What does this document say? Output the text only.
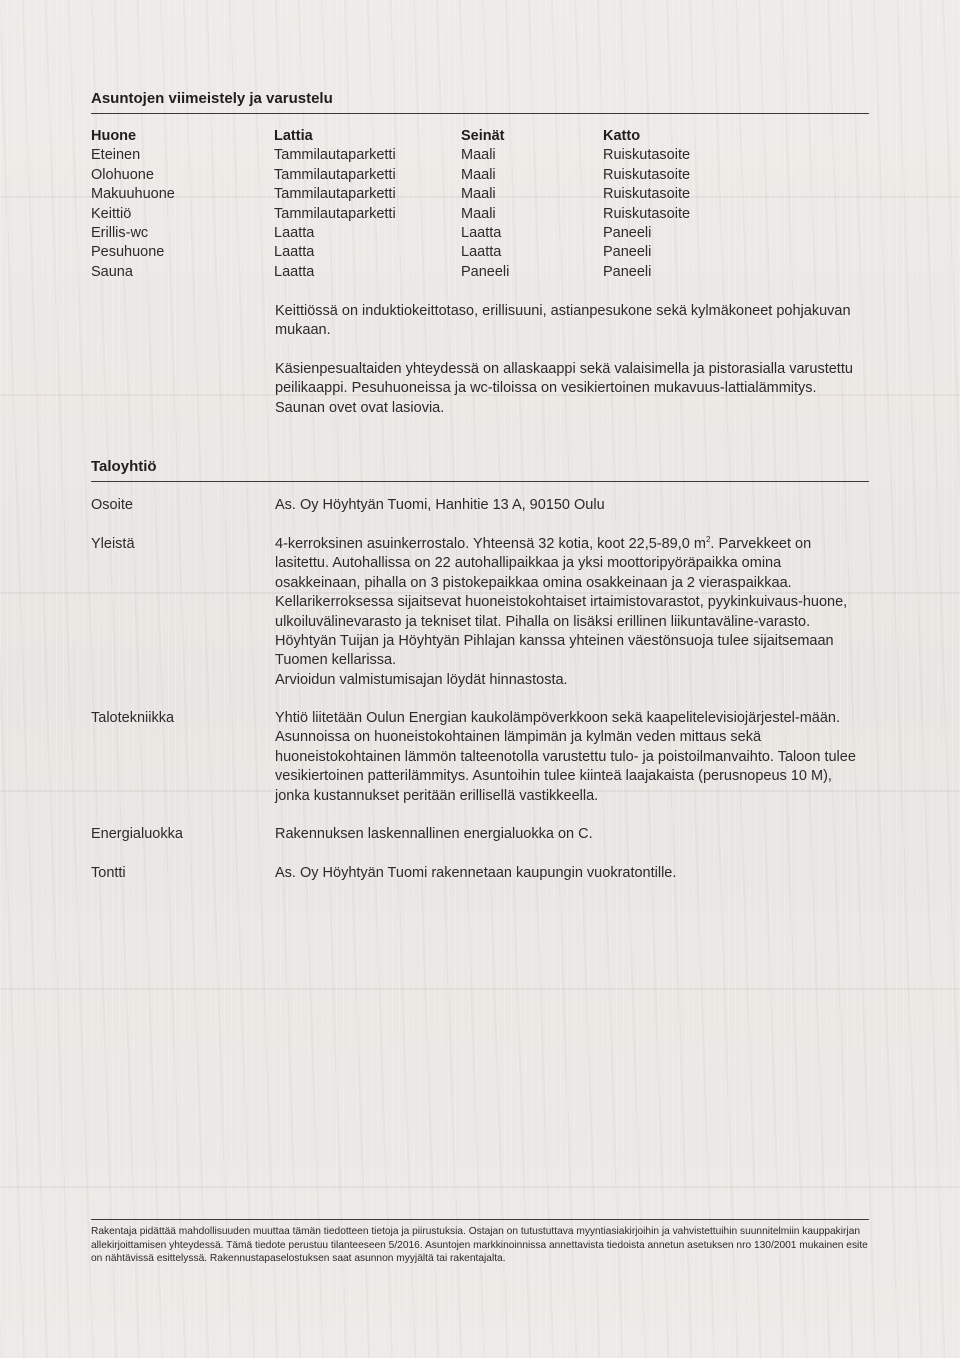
Asuntojen viimeistely ja varustelu
Huone	Lattia	Seinät	Katto
Eteinen	Tammilautaparketti	Maali	Ruiskutasoite
Olohuone	Tammilautaparketti	Maali	Ruiskutasoite
Makuuhuone	Tammilautaparketti	Maali	Ruiskutasoite
Keittiö	Tammilautaparketti	Maali	Ruiskutasoite
Erillis-wc	Laatta	Laatta	Paneeli
Pesuhuone	Laatta	Laatta	Paneeli
Sauna	Laatta	Paneeli	Paneeli

Keittiössä on induktiokeittotaso, erillisuuni, astianpesukone sekä kylmäkoneet pohjakuvan mukaan.

Käsienpesualtaiden yhteydessä on allaskaappi sekä valaisimella ja pistorasialla varustettu peilikaappi. Pesuhuoneissa ja wc-tiloissa on vesikiertoinen mukavuus-lattialämmitys. Saunan ovet ovat lasiovia.

Taloyhtiö
Osoite	As. Oy Höyhtyän Tuomi, Hanhitie 13 A, 90150 Oulu
Yleistä	4-kerroksinen asuinkerrostalo. Yhteensä 32 kotia, koot 22,5-89,0 $m^2$. Parvekkeet on lasitettu. Autohallissa on 22 autohallipaikkaa ja yksi moottoripyöräpaikka omina osakkeinaan, pihalla on 3 pistokepaikkaa omina osakkeinaan ja 2 vieraspaikkaa. Kellarikerroksessa sijaitsevat huoneistokohtaiset irtaimistovarastot, pyykinkuivaus-huone, ulkoiluvälinevarasto ja tekniset tilat. Pihalla on lisäksi erillinen liikuntaväline-varasto. Höyhtyän Tuijan ja Höyhtyän Pihlajan kanssa yhteinen väestönsuoja tulee sijaitsemaan Tuomen kellarissa.

Arvioidun valmistumisajan löydät hinnastosta.

Talotekniikka	Yhtiö liitetään Oulun Energian kaukolämpöverkkoon sekä kaapelitelevisiojärjestel-mään. Asunnoissa on huoneistokohtainen lämpimän ja kylmän veden mittaus sekä huoneistokohtainen lämmön talteenotolla varustettu tulo- ja poistoilmanvaihto. Taloon tulee vesikiertoinen patterilämmitys. Asuntoihin tulee kiinteä laajakaista (perusnopeus 10 M), jonka kustannukset peritään erillisellä vastikkeella.
Energialuokka	Rakennuksen laskennallinen energialuokka on C.
Tontti	As. Oy Höyhtyän Tuomi rakennetaan kaupungin vuokratontille.
Rakentaja pidättää mahdollisuuden muuttaa tämän tiedotteen tietoja ja piirustuksia. Ostajan on tutustuttava myyntiasiakirjoihin ja vahvistettuihin suunnitelmiin kauppakirjan allekirjoittamisen yhteydessä. Tämä tiedote perustuu tilanteeseen 5/2016. Asuntojen markkinoinnissa annettavista tiedoista annetun asetuksen nro 130/2001 mukainen esite on nähtävissä esittelyssä. Rakennustapaselostuksen saat asunnon myyjältä tai rakentajalta.
